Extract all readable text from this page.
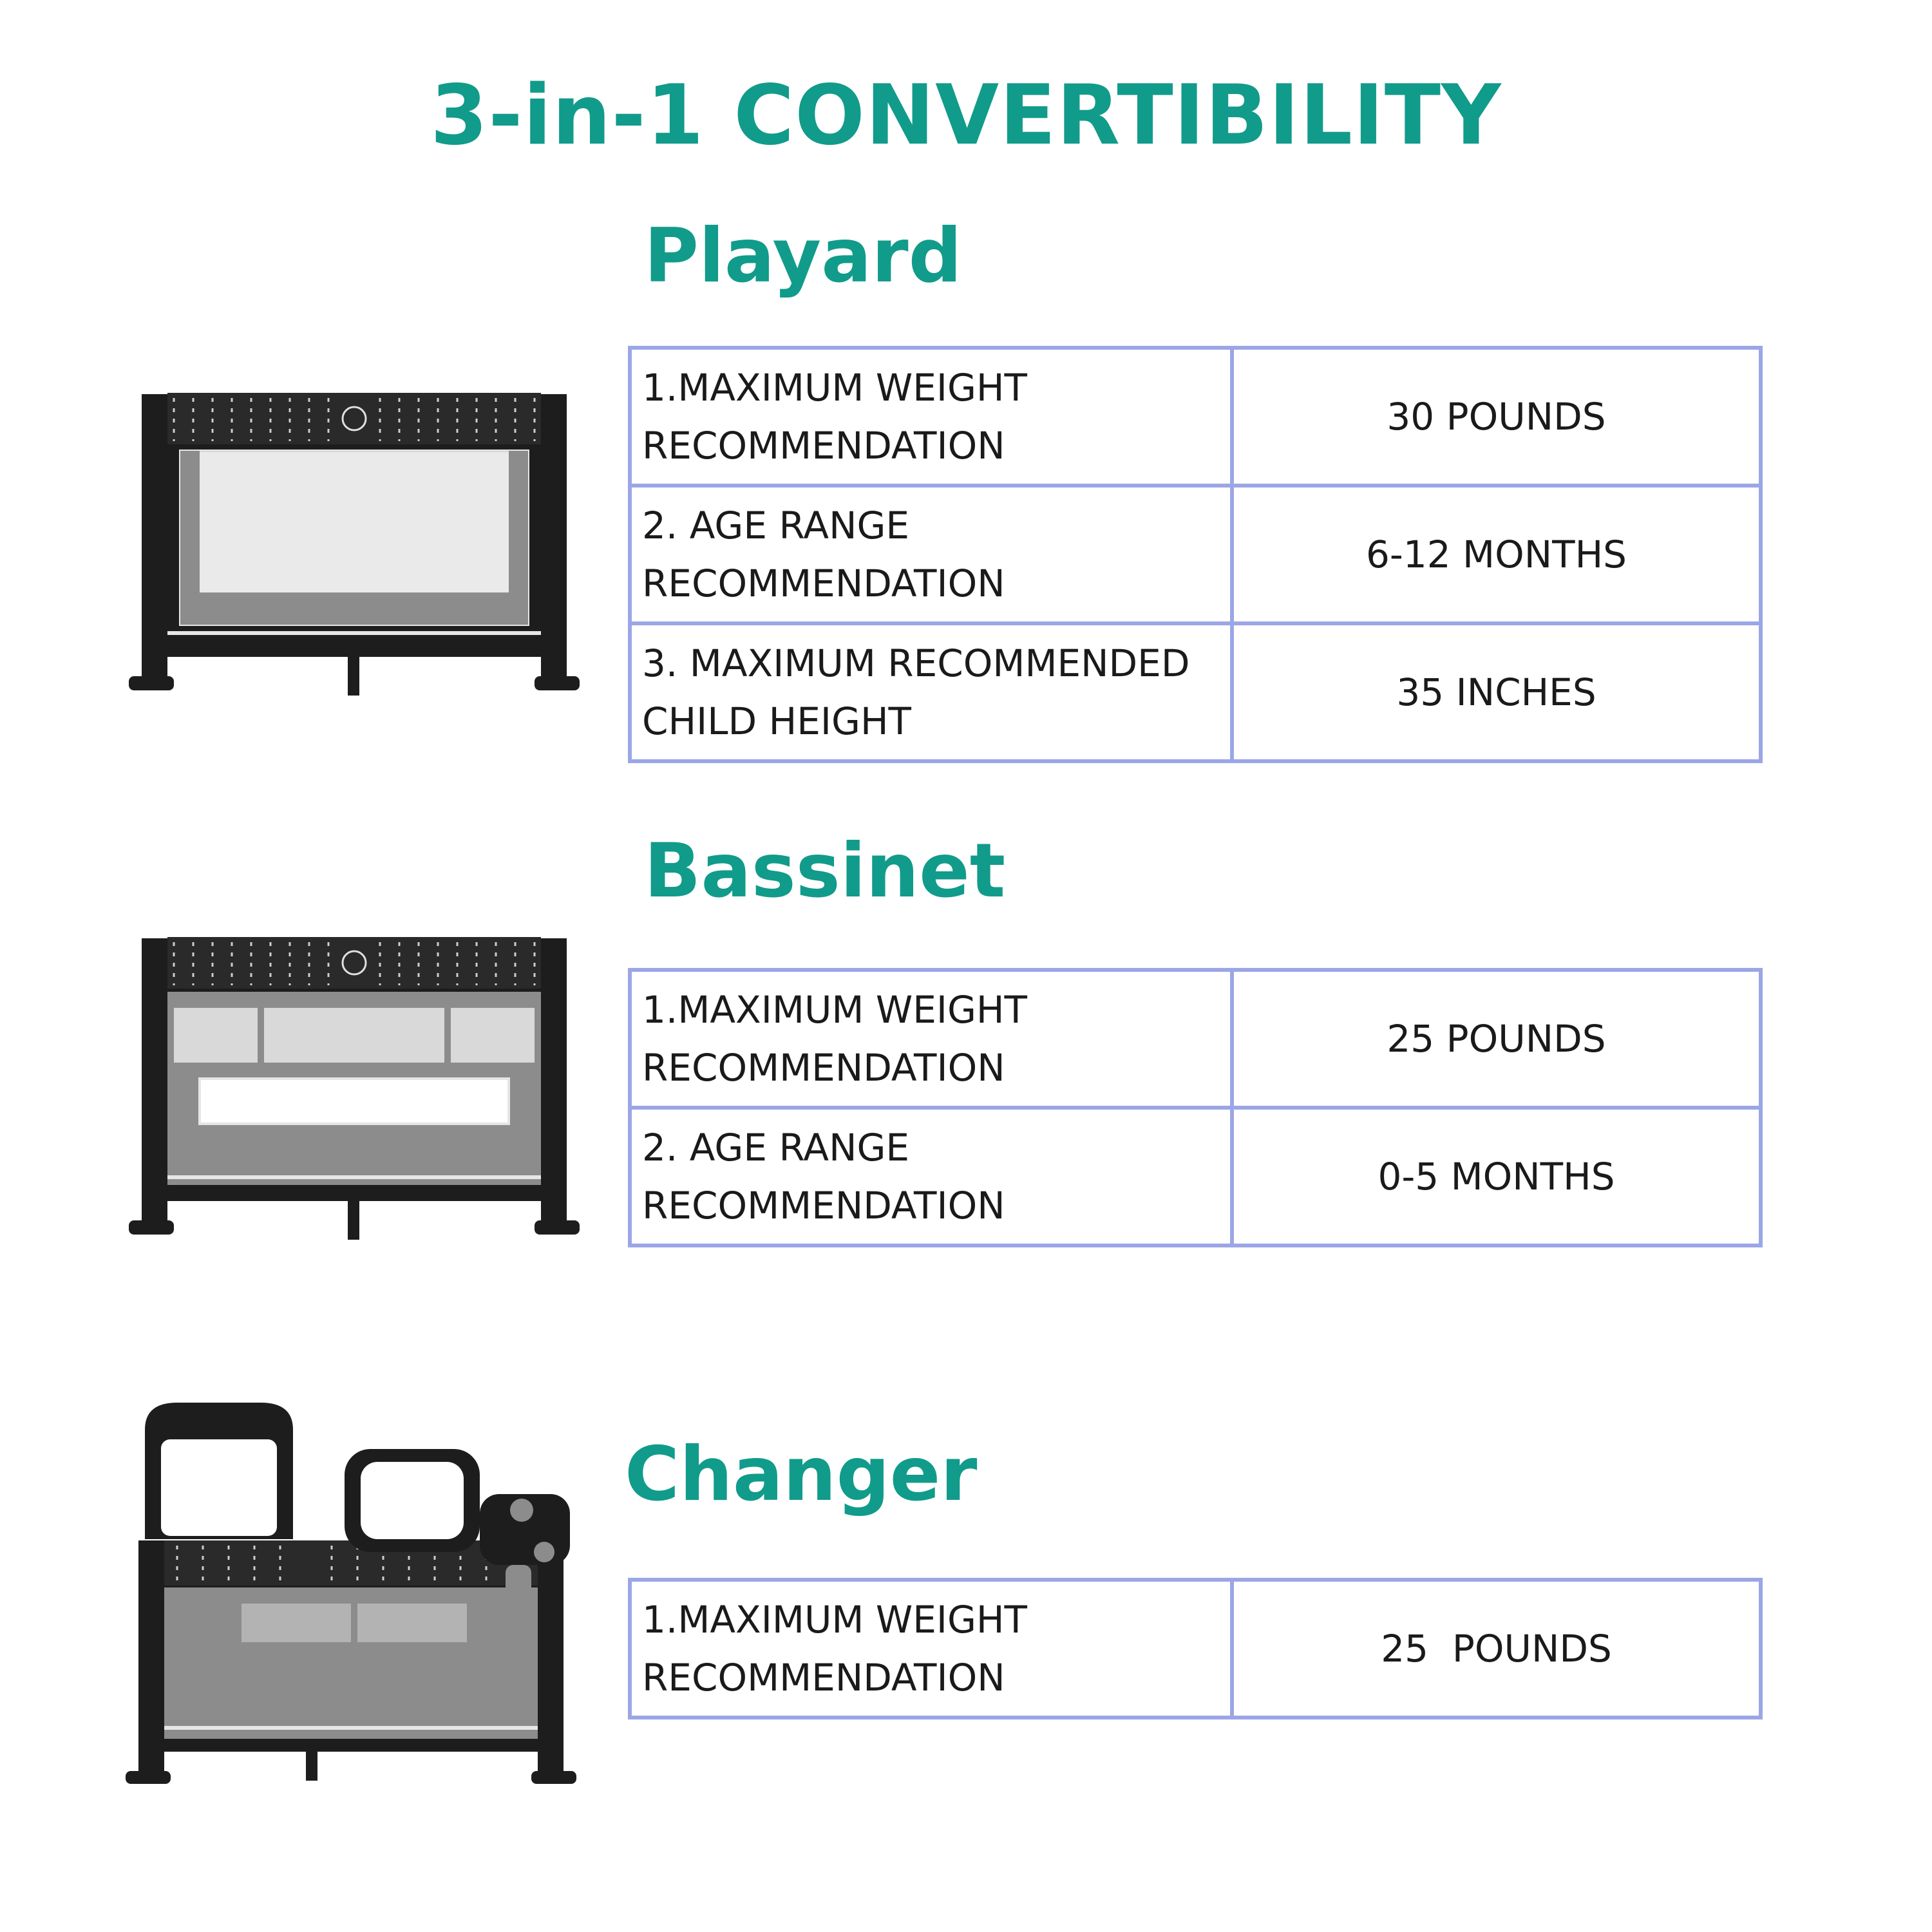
3-in-1 CONVERTIBILITY
Playard
1.MAXIMUM WEIGHT
RECOMMENDATION	30 POUNDS

2. AGE RANGE
RECOMMENDATION	6-12 MONTHS

3. MAXIMUM RECOMMENDED
CHILD HEIGHT	35 INCHES
Bassinet
1.MAXIMUM WEIGHT
RECOMMENDATION	25 POUNDS

2. AGE RANGE
RECOMMENDATION	0-5 MONTHS
Changer
1.MAXIMUM WEIGHT
RECOMMENDATION
	25  POUNDS
